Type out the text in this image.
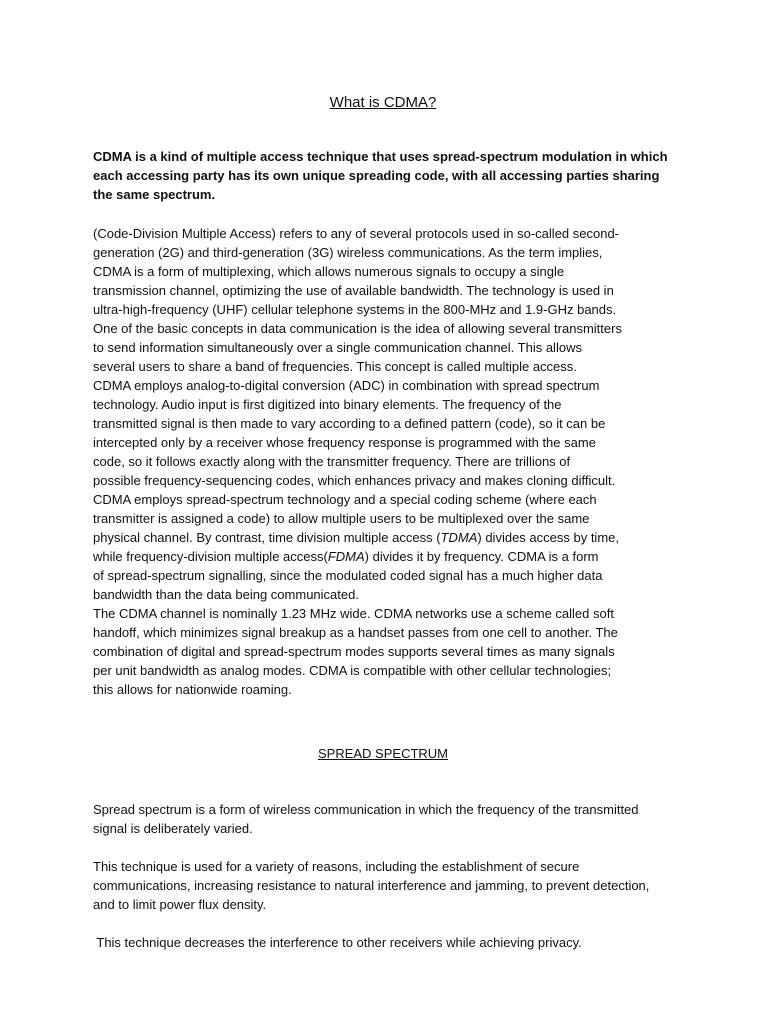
What is CDMA?
CDMA is a kind of multiple access technique that uses spread-spectrum modulation in which each accessing party has its own unique spreading code, with all accessing parties sharing the same spectrum.
(Code-Division Multiple Access) refers to any of several protocols used in so-called second-
generation (2G) and third-generation (3G) wireless communications. As the term implies,
CDMA is a form of multiplexing, which allows numerous signals to occupy a single
transmission channel, optimizing the use of available bandwidth. The technology is used in
ultra-high-frequency (UHF) cellular telephone systems in the 800-MHz and 1.9-GHz bands.
One of the basic concepts in data communication is the idea of allowing several transmitters
to send information simultaneously over a single communication channel. This allows
several users to share a band of frequencies. This concept is called multiple access.
CDMA employs analog-to-digital conversion (ADC) in combination with spread spectrum
technology. Audio input is first digitized into binary elements. The frequency of the
transmitted signal is then made to vary according to a defined pattern (code), so it can be
intercepted only by a receiver whose frequency response is programmed with the same
code, so it follows exactly along with the transmitter frequency. There are trillions of
possible frequency-sequencing codes, which enhances privacy and makes cloning difficult.
CDMA employs spread-spectrum technology and a special coding scheme (where each
transmitter is assigned a code) to allow multiple users to be multiplexed over the same
physical channel. By contrast, time division multiple access (TDMA) divides access by time,
while frequency-division multiple access(FDMA) divides it by frequency. CDMA is a form
of spread-spectrum signalling, since the modulated coded signal has a much higher data
bandwidth than the data being communicated.
The CDMA channel is nominally 1.23 MHz wide. CDMA networks use a scheme called soft
handoff, which minimizes signal breakup as a handset passes from one cell to another. The
combination of digital and spread-spectrum modes supports several times as many signals
per unit bandwidth as analog modes. CDMA is compatible with other cellular technologies;
this allows for nationwide roaming.
SPREAD SPECTRUM
Spread spectrum is a form of wireless communication in which the frequency of the transmitted signal is deliberately varied.
This technique is used for a variety of reasons, including the establishment of secure communications, increasing resistance to natural interference and jamming, to prevent detection, and to limit power flux density.
This technique decreases the interference to other receivers while achieving privacy.
